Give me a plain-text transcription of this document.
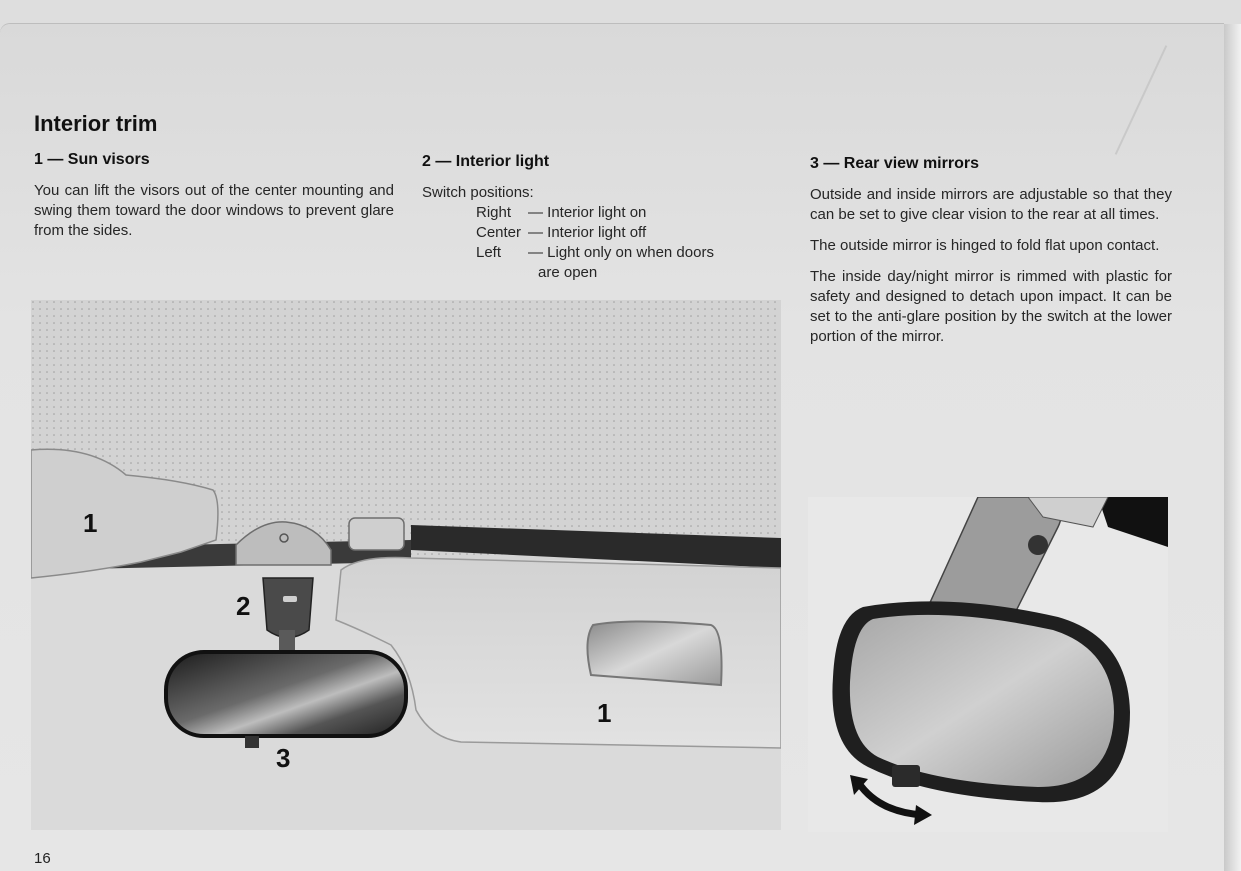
Interior trim
1 — Sun visors

You can lift the visors out of the center mounting and swing them toward the door windows to prevent glare from the sides.

2 — Interior light
Switch positions:
Right	— Interior light on
Center — Interior light off
Left	— Light only on when doors are open
3 — Rear view mirrors

Outside and inside mirrors are adjustable so that they can be set to give clear vision to the rear at all times.

The outside mirror is hinged to fold flat upon contact.

The inside day/night mirror is rimmed with plastic for safety and designed to detach upon impact. It can be set to the anti-glare position by the switch at the lower portion of the mirror.

1
2
3
1
16
